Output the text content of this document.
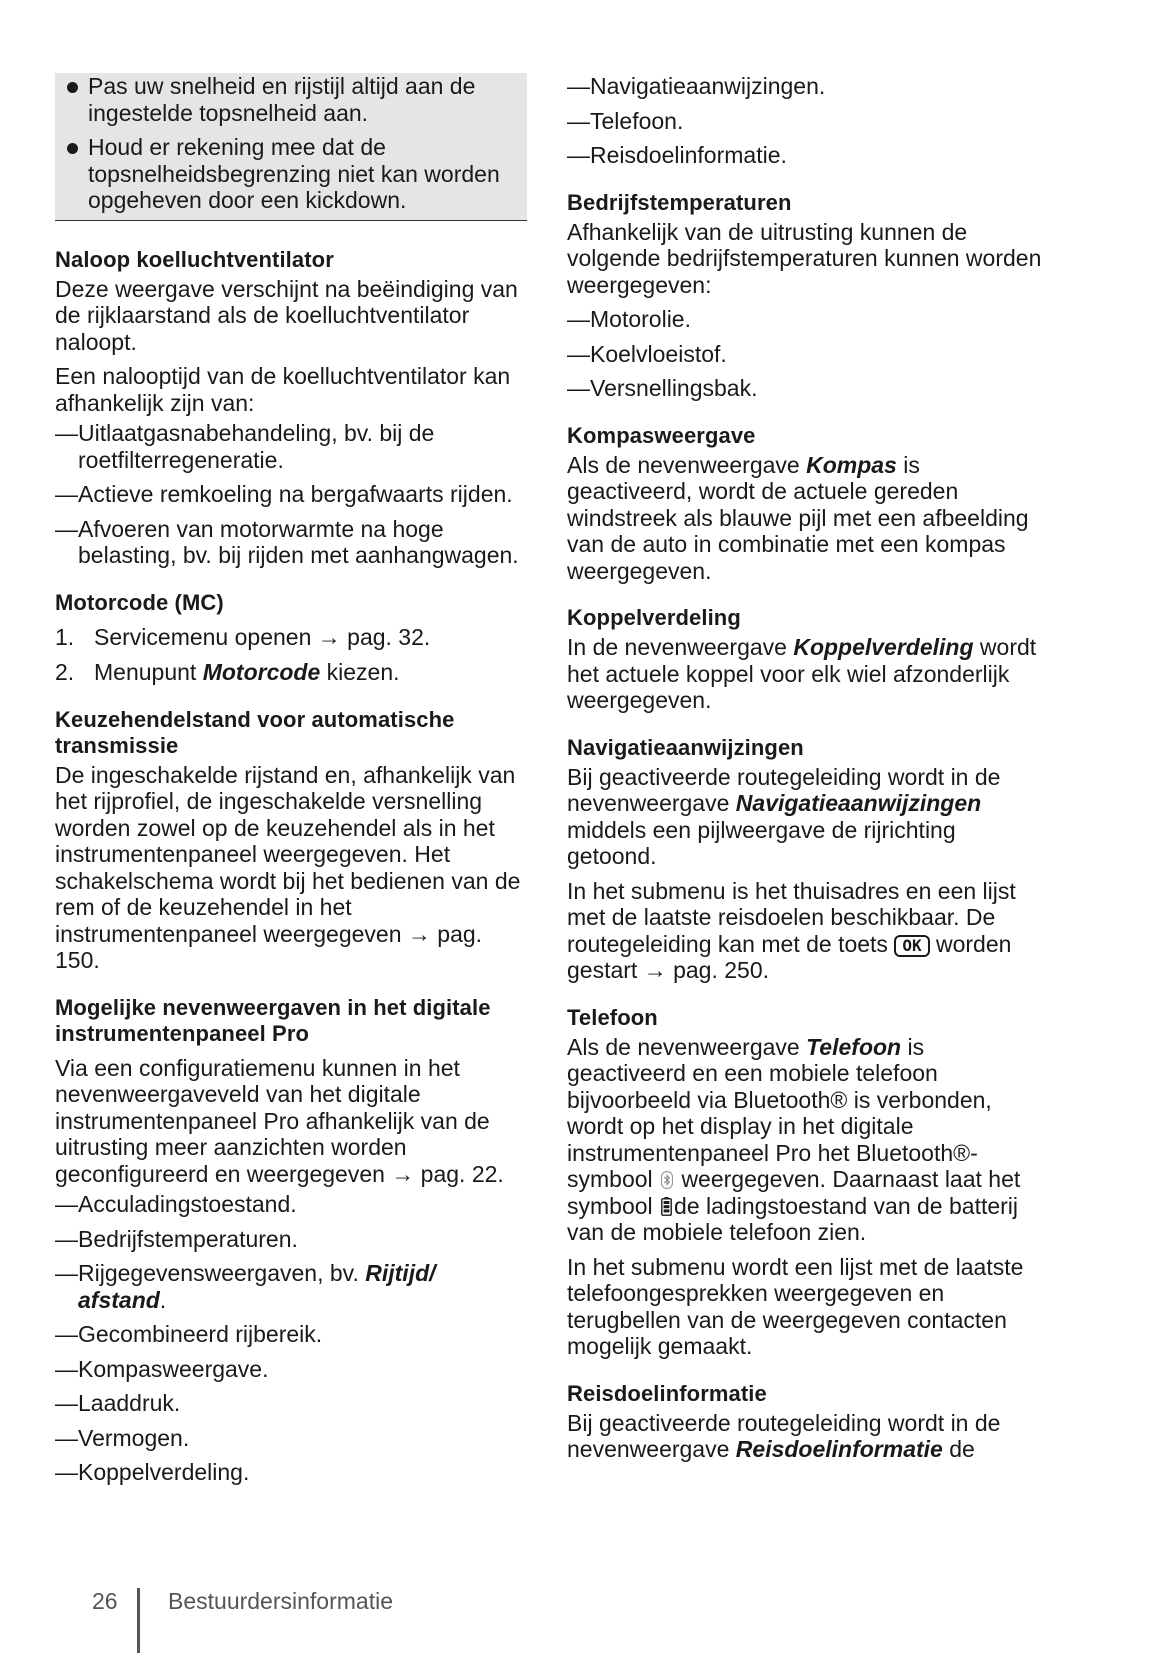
Pas uw snelheid en rijstijl altijd aan de ingestelde topsnelheid aan.
Houd er rekening mee dat de topsnelheidsbegrenzing niet kan worden opgeheven door een kickdown.
Naloop koelluchtventilator

Deze weergave verschijnt na beëindiging van de rijklaarstand als de koelluchtventilator naloopt.

Een nalooptijd van de koelluchtventilator kan afhankelijk zijn van:

— Uitlaatgasnabehandeling, bv. bij de roetfilterregeneratie.
— Actieve remkoeling na bergafwaarts rijden.
— Afvoeren van motorwarmte na hoge belasting, bv. bij rijden met aanhangwagen.
Motorcode (MC)
1. Servicemenu openen → pag. 32.
2. Menupunt Motorcode kiezen.
Keuzehendelstand voor automatische transmissie

De ingeschakelde rijstand en, afhankelijk van het rijprofiel, de ingeschakelde versnelling worden zowel op de keuzehendel als in het instrumentenpaneel weergegeven. Het schakelschema wordt bij het bedienen van de rem of de keuzehendel in het instrumentenpaneel weergegeven → pag. 150.

Mogelijke nevenweergaven in het digitale instrumentenpaneel Pro

Via een configuratiemenu kunnen in het nevenweergaveveld van het digitale instrumentenpaneel Pro afhankelijk van de uitrusting meer aanzichten worden geconfigureerd en weergegeven → pag. 22.

— Acculadingstoestand.
— Bedrijfstemperaturen.
— Rijgegevensweergaven, bv. Rijtijd/ afstand.
— Gecombineerd rijbereik.
— Kompasweergave.
— Laaddruk.
— Vermogen.
— Koppelverdeling.
— Navigatieaanwijzingen.
— Telefoon.
— Reisdoelinformatie.
Bedrijfstemperaturen

Afhankelijk van de uitrusting kunnen de volgende bedrijfstemperaturen kunnen worden weergegeven:

— Motorolie.
— Koelvloeistof.
— Versnellingsbak.
Kompasweergave

Als de nevenweergave Kompas is geactiveerd, wordt de actuele gereden windstreek als blauwe pijl met een afbeelding van de auto in combinatie met een kompas weergegeven.

Koppelverdeling

In de nevenweergave Koppelverdeling wordt het actuele koppel voor elk wiel afzonderlijk weergegeven.

Navigatieaanwijzingen

Bij geactiveerde routegeleiding wordt in de nevenweergave Navigatieaanwijzingen middels een pijlweergave de rijrichting getoond.

In het submenu is het thuisadres en een lijst met de laatste reisdoelen beschikbaar. De routegeleiding kan met de toets OK worden gestart → pag. 250.

Telefoon

Als de nevenweergave Telefoon is geactiveerd en een mobiele telefoon bijvoorbeeld via Bluetooth® is verbonden, wordt op het display in het digitale instrumentenpaneel Pro het Bluetooth®-symbool weergegeven. Daarnaast laat het symbool de ladingstoestand van de batterij van de mobiele telefoon zien.

In het submenu wordt een lijst met de laatste telefoongesprekken weergegeven en terugbellen van de weergegeven contacten mogelijk gemaakt.

Reisdoelinformatie

Bij geactiveerde routegeleiding wordt in de nevenweergave Reisdoelinformatie de

26 Bestuurdersinformatie
